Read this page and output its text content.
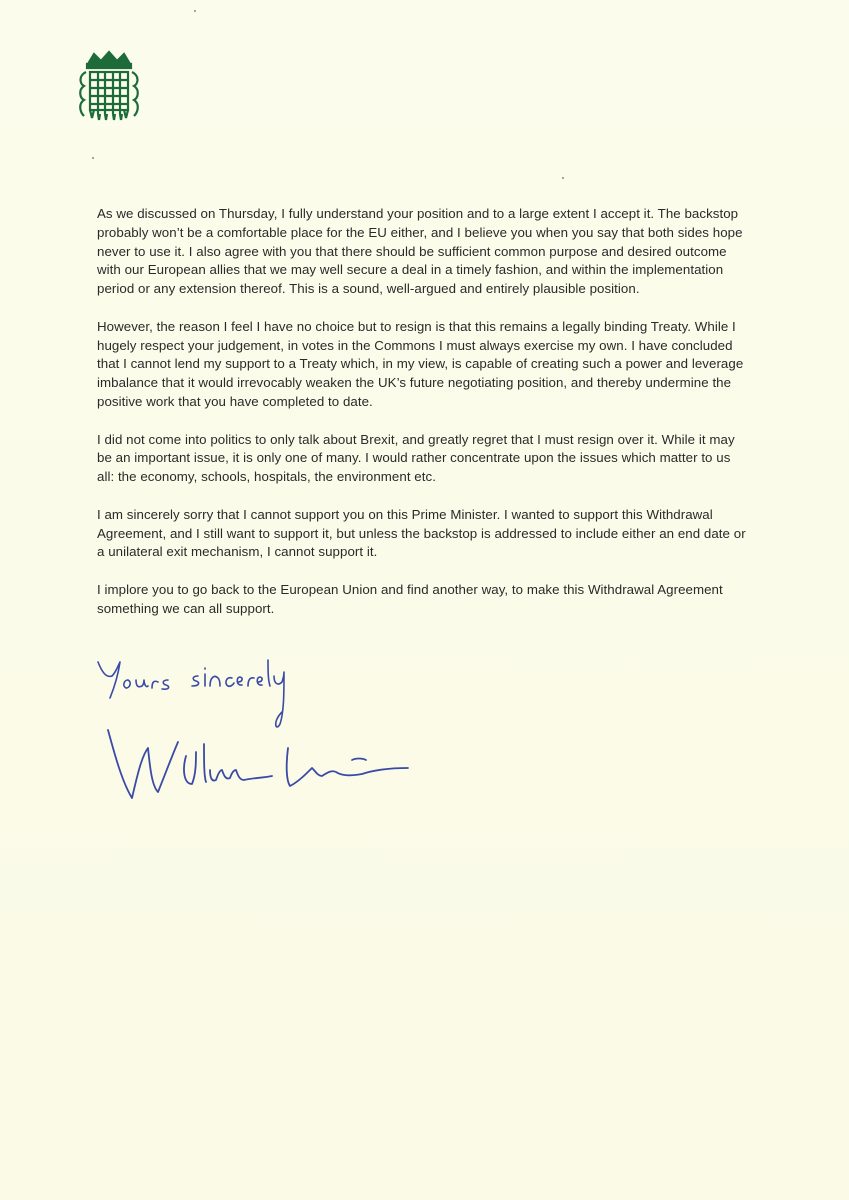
As we discussed on Thursday, I fully understand your position and to a large extent I accept it. The backstop probably won’t be a comfortable place for the EU either, and I believe you when you say that both sides hope never to use it. I also agree with you that there should be sufficient common purpose and desired outcome with our European allies that we may well secure a deal in a timely fashion, and within the implementation period or any extension thereof. This is a sound, well-argued and entirely plausible position.

However, the reason I feel I have no choice but to resign is that this remains a legally binding Treaty. While I hugely respect your judgement, in votes in the Commons I must always exercise my own. I have concluded that I cannot lend my support to a Treaty which, in my view, is capable of creating such a power and leverage imbalance that it would irrevocably weaken the UK’s future negotiating position, and thereby undermine the positive work that you have completed to date.

I did not come into politics to only talk about Brexit, and greatly regret that I must resign over it. While it may be an important issue, it is only one of many. I would rather concentrate upon the issues which matter to us all: the economy, schools, hospitals, the environment etc.

I am sincerely sorry that I cannot support you on this Prime Minister. I wanted to support this Withdrawal Agreement, and I still want to support it, but unless the backstop is addressed to include either an end date or a unilateral exit mechanism, I cannot support it.

I implore you to go back to the European Union and find another way, to make this Withdrawal Agreement something we can all support.
